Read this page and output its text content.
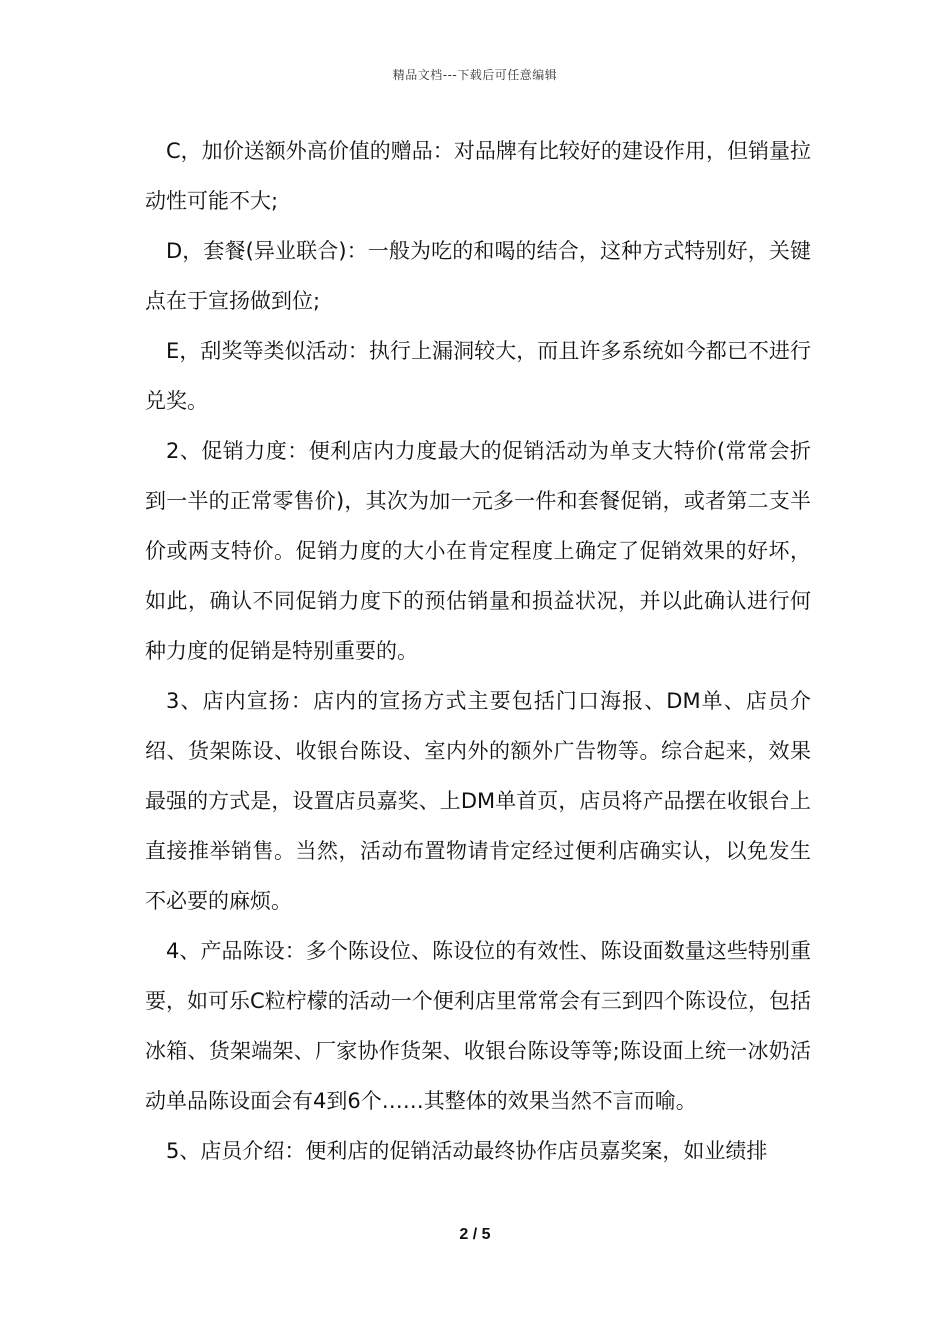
精品文档---下载后可任意编辑

C，加价送额外高价值的赠品：对品牌有比较好的建设作用，但销量拉动性可能不大;

D，套餐(异业联合)：一般为吃的和喝的结合，这种方式特别好，关键点在于宣扬做到位;

E，刮奖等类似活动：执行上漏洞较大，而且许多系统如今都已不进行兑奖。

2、促销力度：便利店内力度最大的促销活动为单支大特价(常常会折到一半的正常零售价)，其次为加一元多一件和套餐促销，或者第二支半价或两支特价。促销力度的大小在肯定程度上确定了促销效果的好坏，如此，确认不同促销力度下的预估销量和损益状况，并以此确认进行何种力度的促销是特别重要的。

3、店内宣扬：店内的宣扬方式主要包括门口海报、DM单、店员介绍、货架陈设、收银台陈设、室内外的额外广告物等。综合起来，效果最强的方式是，设置店员嘉奖、上DM单首页，店员将产品摆在收银台上直接推举销售。当然，活动布置物请肯定经过便利店确实认，以免发生不必要的麻烦。

4、产品陈设：多个陈设位、陈设位的有效性、陈设面数量这些特别重要，如可乐C粒柠檬的活动一个便利店里常常会有三到四个陈设位，包括冰箱、货架端架、厂家协作货架、收银台陈设等等;陈设面上统一冰奶活动单品陈设面会有4到6个……其整体的效果当然不言而喻。

5、店员介绍：便利店的促销活动最终协作店员嘉奖案，如业绩排

2 / 5
